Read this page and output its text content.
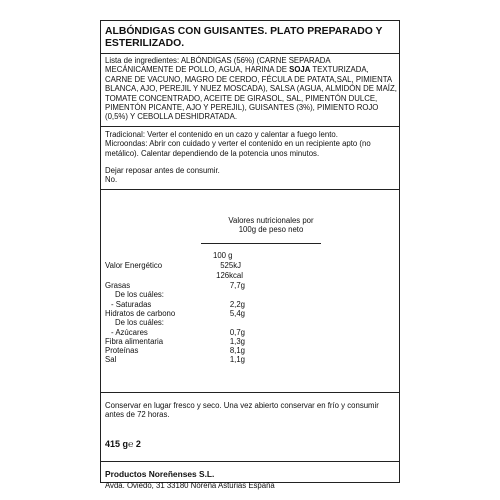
ALBÓNDIGAS CON GUISANTES. PLATO PREPARADO Y ESTERILIZADO.
Lista de ingredientes: ALBÓNDIGAS (56%) (CARNE SEPARADA MECÁNICAMENTE DE POLLO, AGUA, HARINA DE SOJA TEXTURIZADA, CARNE DE VACUNO, MAGRO DE CERDO, FÉCULA DE PATATA,SAL, PIMIENTA BLANCA, AJO, PEREJIL Y NUEZ MOSCADA), SALSA (AGUA, ALMIDÓN DE MAÍZ, TOMATE CONCENTRADO, ACEITE DE GIRASOL, SAL, PIMENTÓN DULCE, PIMENTÓN PICANTE, AJO Y PEREJIL), GUISANTES (3%), PIMIENTO ROJO (0,5%) Y CEBOLLA DESHIDRATADA.
Tradicional: Verter el contenido en un cazo y calentar a fuego lento.
Microondas: Abrir con cuidado y verter el contenido en un recipiente apto (no metálico). Calentar dependiendo de la potencia unos minutos.
Dejar reposar antes de consumir.
No.
Valores nutricionales por
100g de peso neto
100 g
Valor Energético	525kJ
126kcal
Grasas	7,7g
De los cuáles:
- Saturadas	2,2g
Hidratos de carbono	5,4g
De los cuáles:
- Azúcares	0,7g
Fibra alimentaria	1,3g
Proteínas	8,1g
Sal	1,1g
Conservar en lugar fresco y seco. Una vez abierto conservar en frío y consumir antes de 72 horas.
415 g℮ 2
Productos Noreñenses S.L.
Avda. Oviedo, 31 33180 Noreña Asturias España
